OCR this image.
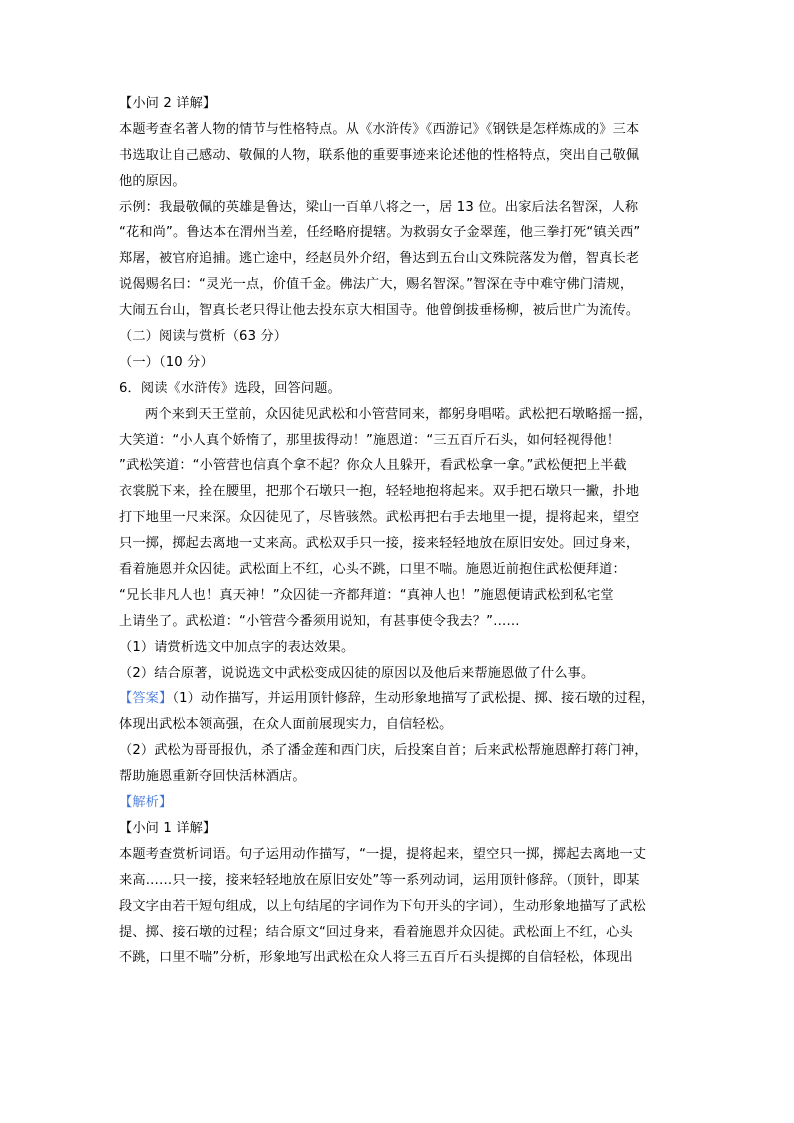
【小问 2 详解】
本题考查名著人物的情节与性格特点。从《水浒传》《西游记》《钢铁是怎样炼成的》三本
书选取让自己感动、敬佩的人物，联系他的重要事迹来论述他的性格特点，突出自己敬佩
他的原因。
示例：我最敬佩的英雄是鲁达，梁山一百单八将之一，居 13 位。出家后法名智深，人称
“花和尚”。鲁达本在渭州当差，任经略府提辖。为救弱女子金翠莲，他三拳打死“镇关西”
郑屠，被官府追捕。逃亡途中，经赵员外介绍，鲁达到五台山文殊院落发为僧，智真长老
说偈赐名曰：“灵光一点，价值千金。佛法广大，赐名智深。”智深在寺中难守佛门清规，
大闹五台山，智真长老只得让他去投东京大相国寺。他曾倒拔垂杨柳，被后世广为流传。
（二）阅读与赏析（63 分）
（一）（10 分）
6．阅读《水浒传》选段，回答问题。
两个来到天王堂前，众囚徒见武松和小管营同来，都躬身唱喏。武松把石墩略摇一摇，
大笑道：“小人真个娇惰了，那里拔得动！”施恩道：“三五百斤石头，如何轻视得他！
”武松笑道：“小管营也信真个拿不起？你众人且躲开，看武松拿一拿。”武松便把上半截
衣裳脱下来，拴在腰里，把那个石墩只一抱，轻轻地抱将起来。双手把石墩只一撇，扑地
打下地里一尺来深。众囚徒见了，尽皆骇然。武松再把右手去地里一提，提将起来，望空
只一掷，掷起去离地一丈来高。武松双手只一接，接来轻轻地放在原旧安处。回过身来，
看着施恩并众囚徒。武松面上不红，心头不跳，口里不喘。施恩近前抱住武松便拜道：
“兄长非凡人也！真天神！”众囚徒一齐都拜道：“真神人也！”施恩便请武松到私宅堂
上请坐了。武松道：“小管营今番须用说知，有甚事使令我去？”……
（1）请赏析选文中加点字的表达效果。
（2）结合原著，说说选文中武松变成囚徒的原因以及他后来帮施恩做了什么事。
【答案】（1）动作描写，并运用顶针修辞，生动形象地描写了武松提、掷、接石墩的过程，
体现出武松本领高强，在众人面前展现实力，自信轻松。
（2）武松为哥哥报仇，杀了潘金莲和西门庆，后投案自首；后来武松帮施恩醉打蒋门神，
帮助施恩重新夺回快活林酒店。
【解析】
【小问 1 详解】
本题考查赏析词语。句子运用动作描写，“一提，提将起来，望空只一掷，掷起去离地一丈
来高……只一接，接来轻轻地放在原旧安处”等一系列动词，运用顶针修辞。（顶针，即某
段文字由若干短句组成，以上句结尾的字词作为下句开头的字词），生动形象地描写了武松
提、掷、接石墩的过程；结合原文“回过身来，看着施恩并众囚徒。武松面上不红，心头
不跳，口里不喘”分析，形象地写出武松在众人将三五百斤石头提掷的自信轻松，体现出
